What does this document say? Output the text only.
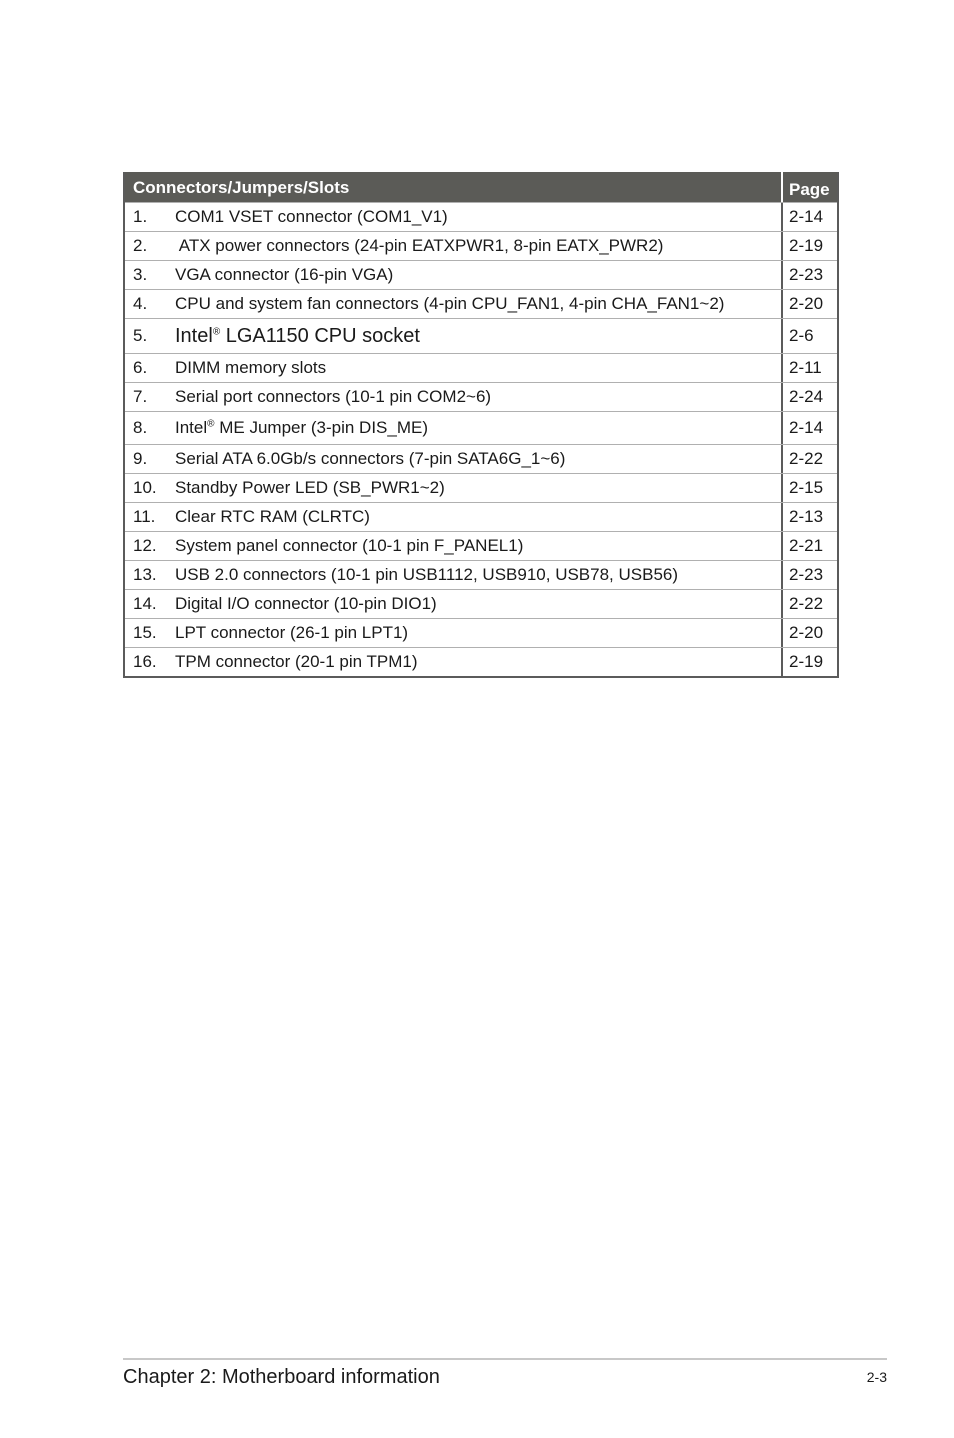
Connectors/Jumpers/Slots	Page
1.	COM1 VSET connector (COM1_V1)	2-14
2.	ATX power connectors (24-pin EATXPWR1, 8-pin EATX_PWR2)	2-19
3.	VGA connector (16-pin VGA)	2-23
4.	CPU and system fan connectors (4-pin CPU_FAN1, 4-pin CHA_FAN1~2)	2-20
5.	Intel® LGA1150 CPU socket	2-6
6.	DIMM memory slots	2-11
7.	Serial port connectors (10-1 pin COM2~6)	2-24
8.	Intel® ME Jumper (3-pin DIS_ME)	2-14
9.	Serial ATA 6.0Gb/s connectors (7-pin SATA6G_1~6)	2-22
10.	Standby Power LED (SB_PWR1~2)	2-15
11.	Clear RTC RAM (CLRTC)	2-13
12.	System panel connector (10-1 pin F_PANEL1)	2-21
13.	USB 2.0 connectors (10-1 pin USB1112, USB910, USB78, USB56)	2-23
14.	Digital I/O connector (10-pin DIO1)	2-22
15.	LPT connector (26-1 pin LPT1)	2-20
16.	TPM connector (20-1 pin TPM1)	2-19
Chapter 2: Motherboard information	2-3
